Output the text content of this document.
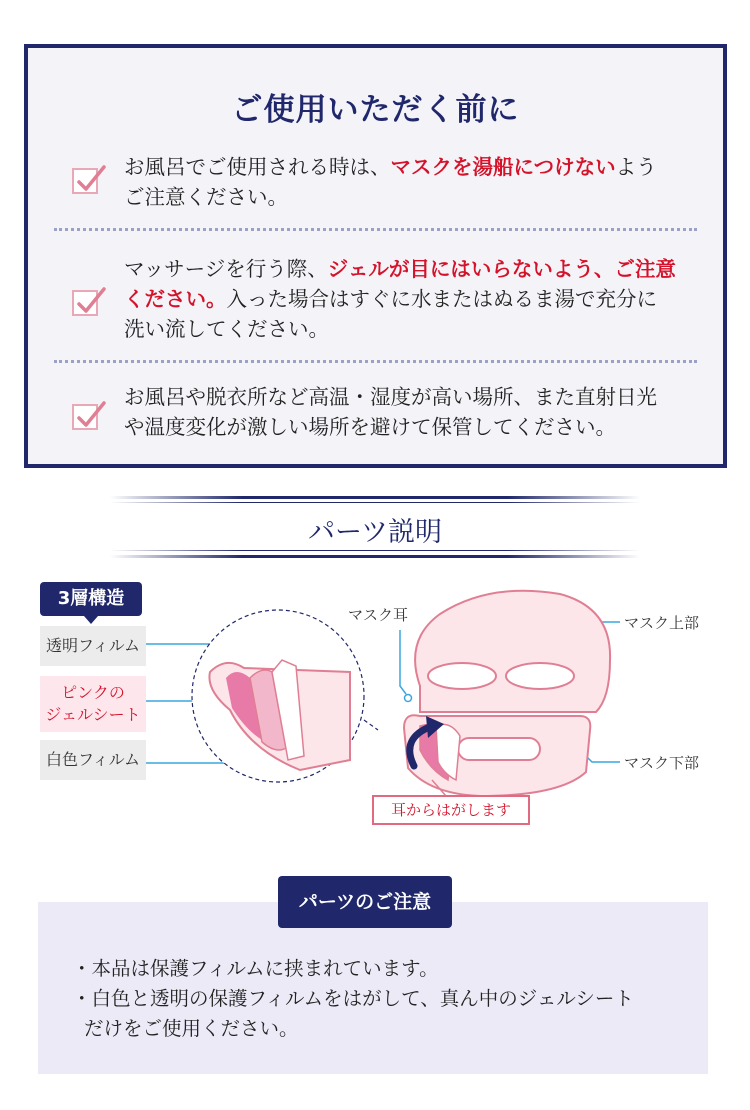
ご使用いただく前に
お風呂でご使用される時は、マスクを湯船につけないよう
ご注意ください。
マッサージを行う際、ジェルが目にはいらないよう、ご注意
ください。入った場合はすぐに水またはぬるま湯で充分に
洗い流してください。
お風呂や脱衣所など高温・湿度が高い場所、また直射日光
や温度変化が激しい場所を避けて保管してください。
パーツ説明
3層構造
透明フィルム
ピンクの
ジェルシート
白色フィルム
マスク耳	マスク上部
マスク下部
耳からはがします
パーツのご注意
・本品は保護フィルムに挟まれています。
・白色と透明の保護フィルムをはがして、真ん中のジェルシート
だけをご使用ください。
